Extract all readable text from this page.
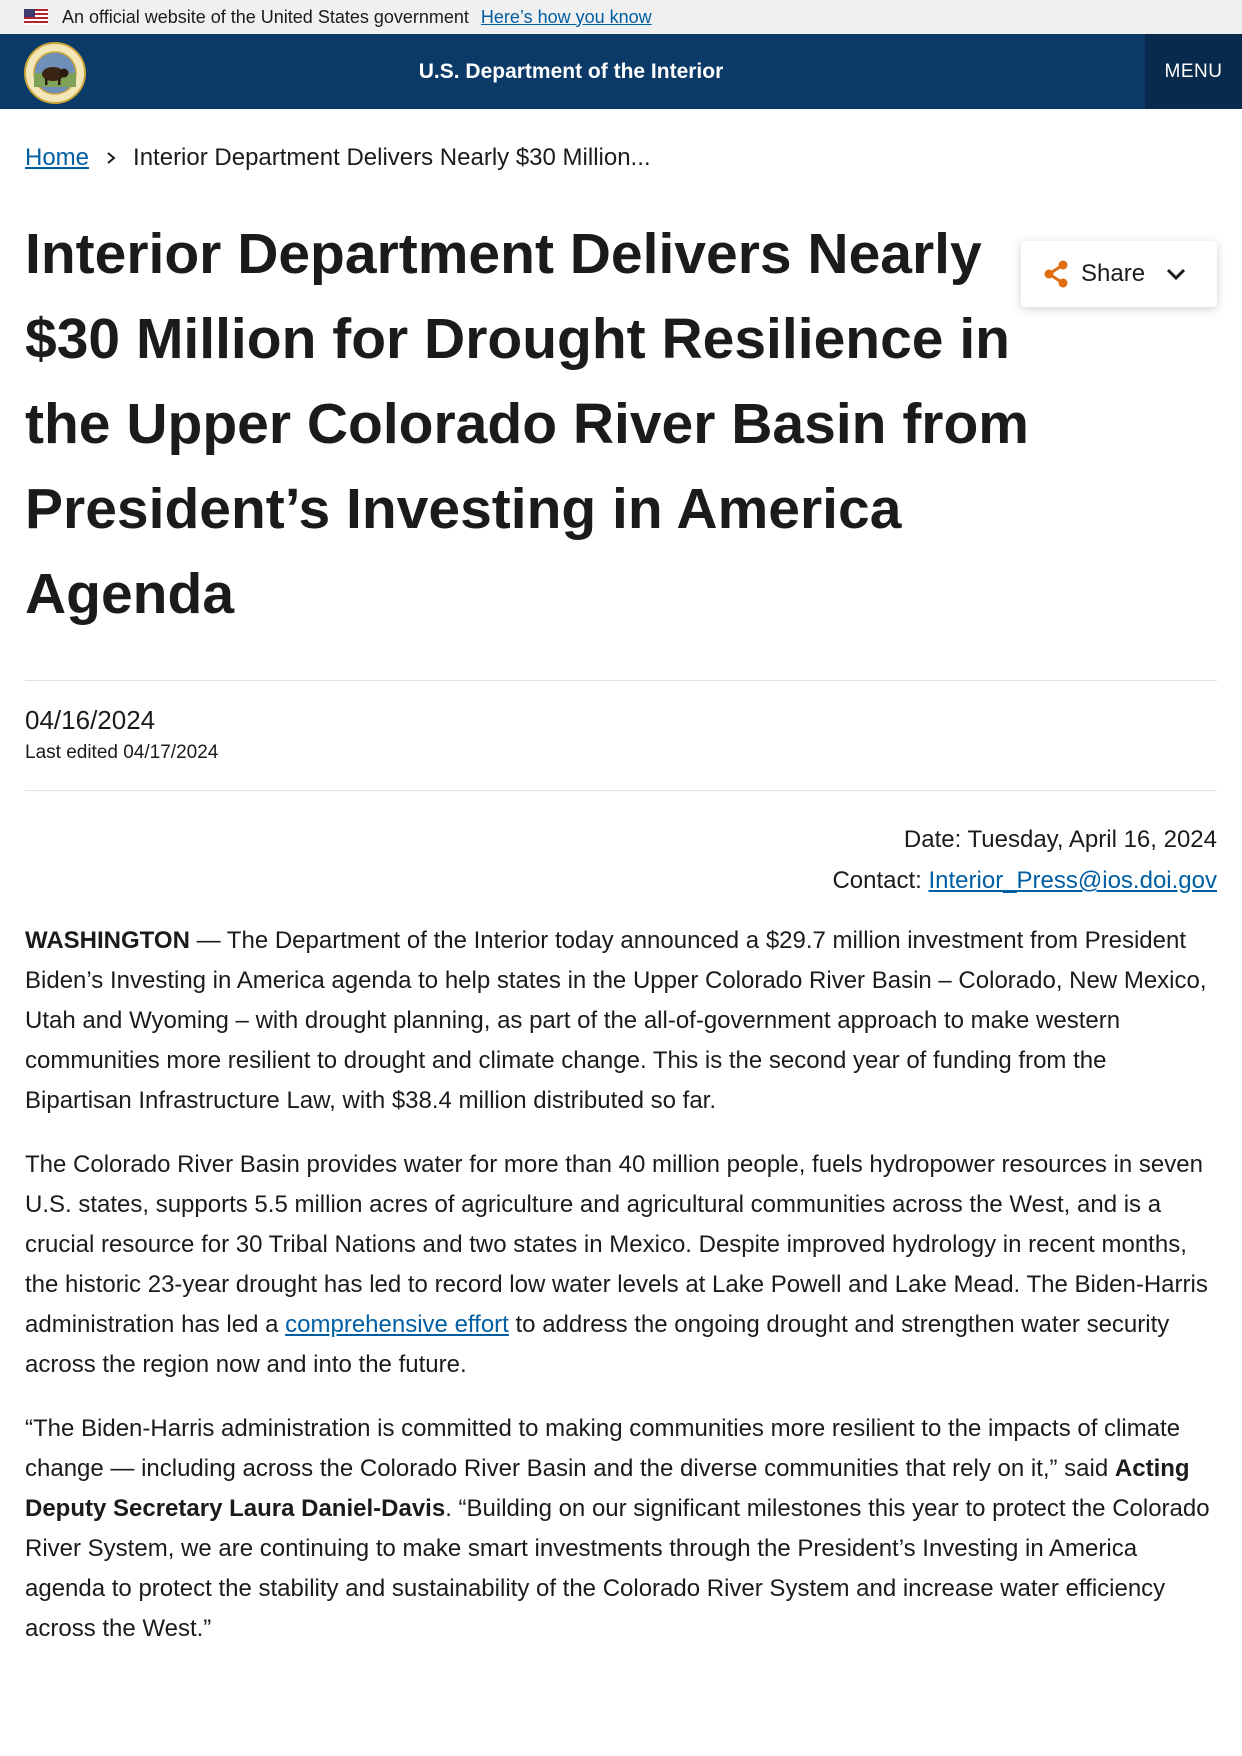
An official website of the United States government Here’s how you know
U.S. Department of the Interior	MENU
Home Interior Department Delivers Nearly $30 Million...
Share
Interior Department Delivers Nearly $30 Million for Drought Resilience in the Upper Colorado River Basin from President’s Investing in America Agenda
04/16/2024
Last edited 04/17/2024
Date: Tuesday, April 16, 2024
Contact: Interior_Press@ios.doi.gov

WASHINGTON — The Department of the Interior today announced a $29.7 million investment from President Biden’s Investing in America agenda to help states in the Upper Colorado River Basin – Colorado, New Mexico, Utah and Wyoming – with drought planning, as part of the all-of-government approach to make western communities more resilient to drought and climate change. This is the second year of funding from the Bipartisan Infrastructure Law, with $38.4 million distributed so far.

The Colorado River Basin provides water for more than 40 million people, fuels hydropower resources in seven U.S. states, supports 5.5 million acres of agriculture and agricultural communities across the West, and is a crucial resource for 30 Tribal Nations and two states in Mexico. Despite improved hydrology in recent months, the historic 23-year drought has led to record low water levels at Lake Powell and Lake Mead. The Biden-Harris administration has led a comprehensive effort to address the ongoing drought and strengthen water security across the region now and into the future.

“The Biden-Harris administration is committed to making communities more resilient to the impacts of climate change — including across the Colorado River Basin and the diverse communities that rely on it,” said Acting Deputy Secretary Laura Daniel-Davis. “Building on our significant milestones this year to protect the Colorado River System, we are continuing to make smart investments through the President’s Investing in America agenda to protect the stability and sustainability of the Colorado River System and increase water efficiency across the West.”
